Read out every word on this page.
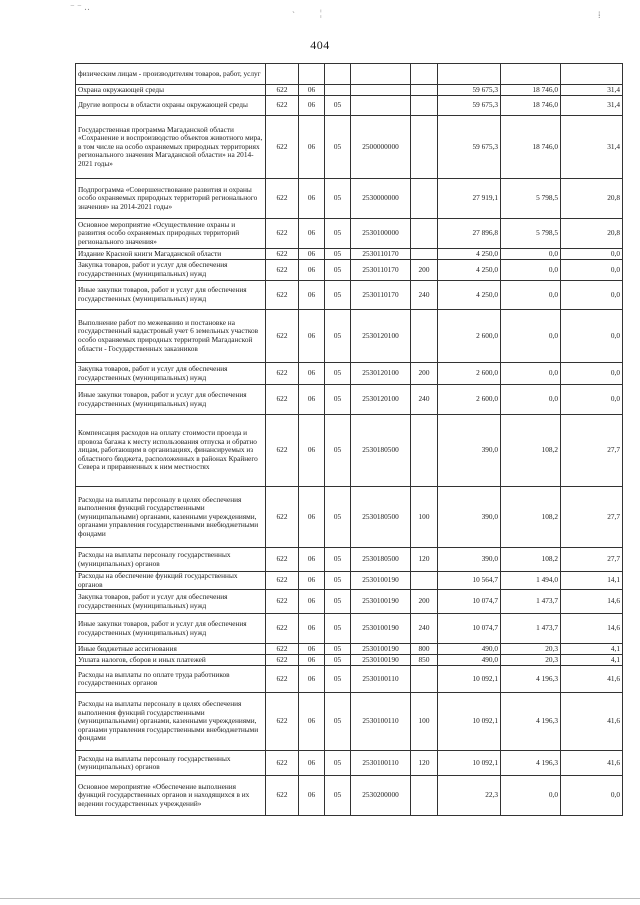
⁻ ⁻ ‥
ˋ	¦	⁞
404
физическим лицам - производителям товаров, работ, услуг								
Охрана окружающей среды	622	06				59 675,3	18 746,0	31,4
Другие вопросы в области охраны окружающей среды	622	06	05			59 675,3	18 746,0	31,4
Государственная программа Магаданской области «Сохранение и воспроизводство объектов животного мира, в том числе на особо охраняемых природных территориях регионального значения Магаданской области» на 2014-2021 годы»	622	06	05	2500000000		59 675,3	18 746,0	31,4
Подпрограмма «Совершенствование развития и охраны особо охраняемых природных территорий регионального значения» на 2014-2021 годы»	622	06	05	2530000000		27 919,1	5 798,5	20,8
Основное мероприятие «Осуществление охраны и развития особо охраняемых природных территорий регионального значения»	622	06	05	2530100000		27 896,8	5 798,5	20,8
Издание Красной книги Магаданской области	622	06	05	2530110170		4 250,0	0,0	0,0
Закупка товаров, работ и услуг для обеспечения государственных (муниципальных) нужд	622	06	05	2530110170	200	4 250,0	0,0	0,0
Иные закупки товаров, работ и услуг для обеспечения государственных (муниципальных) нужд	622	06	05	2530110170	240	4 250,0	0,0	0,0
Выполнение работ по межеванию и постановке на государственный кадастровый учет 6 земельных участков особо охраняемых природных территорий Магаданской области - Государственных заказников	622	06	05	2530120100		2 600,0	0,0	0,0
Закупка товаров, работ и услуг для обеспечения государственных (муниципальных) нужд	622	06	05	2530120100	200	2 600,0	0,0	0,0
Иные закупки товаров, работ и услуг для обеспечения государственных (муниципальных) нужд	622	06	05	2530120100	240	2 600,0	0,0	0,0
Компенсация расходов на оплату стоимости проезда и провоза багажа к месту использования отпуска и обратно лицам, работающим в организациях, финансируемых из областного бюджета, расположенных в районах Крайнего Севера и приравненных к ним местностях	622	06	05	2530180500		390,0	108,2	27,7
Расходы на выплаты персоналу в целях обеспечения выполнения функций государственными (муниципальными) органами, казенными учреждениями, органами управления государственными внебюджетными фондами	622	06	05	2530180500	100	390,0	108,2	27,7
Расходы на выплаты персоналу государственных (муниципальных) органов	622	06	05	2530180500	120	390,0	108,2	27,7
Расходы на обеспечение функций государственных органов	622	06	05	2530100190		10 564,7	1 494,0	14,1
Закупка товаров, работ и услуг для обеспечения государственных (муниципальных) нужд	622	06	05	2530100190	200	10 074,7	1 473,7	14,6
Иные закупки товаров, работ и услуг для обеспечения государственных (муниципальных) нужд	622	06	05	2530100190	240	10 074,7	1 473,7	14,6
Иные бюджетные ассигнования	622	06	05	2530100190	800	490,0	20,3	4,1
Уплата налогов, сборов и иных платежей	622	06	05	2530100190	850	490,0	20,3	4,1
Расходы на выплаты по оплате труда работников государственных органов	622	06	05	2530100110		10 092,1	4 196,3	41,6
Расходы на выплаты персоналу в целях обеспечения выполнения функций государственными (муниципальными) органами, казенными учреждениями, органами управления государственными внебюджетными фондами	622	06	05	2530100110	100	10 092,1	4 196,3	41,6
Расходы на выплаты персоналу государственных (муниципальных) органов	622	06	05	2530100110	120	10 092,1	4 196,3	41,6
Основное мероприятие «Обеспечение выполнения функций государственных органов и находящихся в их ведении государственных учреждений»	622	06	05	2530200000		22,3	0,0	0,0
